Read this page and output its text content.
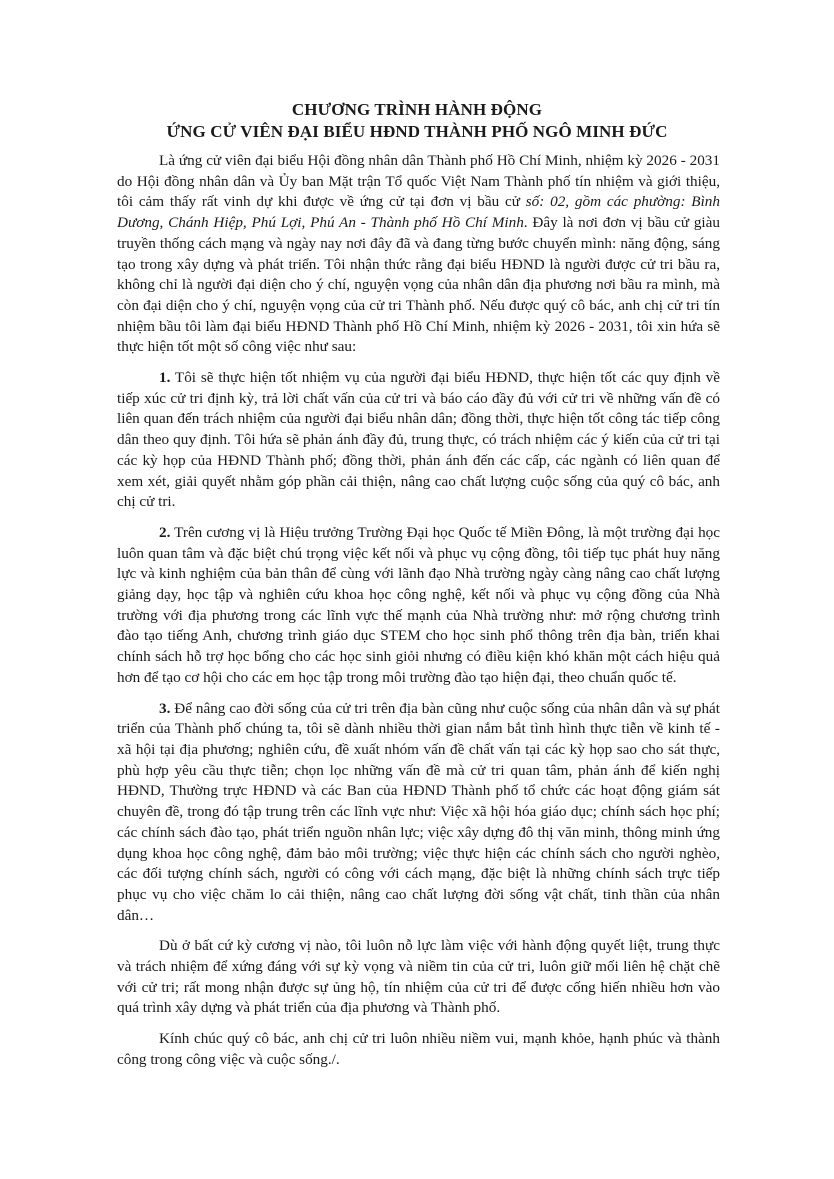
CHƯƠNG TRÌNH HÀNH ĐỘNG

ỨNG CỬ VIÊN ĐẠI BIỂU HĐND THÀNH PHỐ NGÔ MINH ĐỨC

Là ứng cử viên đại biểu Hội đồng nhân dân Thành phố Hồ Chí Minh, nhiệm kỳ 2026 - 2031 do Hội đồng nhân dân và Ủy ban Mặt trận Tổ quốc Việt Nam Thành phố tín nhiệm và giới thiệu, tôi cảm thấy rất vinh dự khi được về ứng cử tại đơn vị bầu cử số: 02, gồm các phường: Bình Dương, Chánh Hiệp, Phú Lợi, Phú An - Thành phố Hồ Chí Minh. Đây là nơi đơn vị bầu cử giàu truyền thống cách mạng và ngày nay nơi đây đã và đang từng bước chuyển mình: năng động, sáng tạo trong xây dựng và phát triển. Tôi nhận thức rằng đại biểu HĐND là người được cử tri bầu ra, không chỉ là người đại diện cho ý chí, nguyện vọng của nhân dân địa phương nơi bầu ra mình, mà còn đại diện cho ý chí, nguyện vọng của cử tri Thành phố. Nếu được quý cô bác, anh chị cử tri tín nhiệm bầu tôi làm đại biểu HĐND Thành phố Hồ Chí Minh, nhiệm kỳ 2026 - 2031, tôi xin hứa sẽ thực hiện tốt một số công việc như sau:

1. Tôi sẽ thực hiện tốt nhiệm vụ của người đại biểu HĐND, thực hiện tốt các quy định về tiếp xúc cử tri định kỳ, trả lời chất vấn của cử tri và báo cáo đầy đủ với cử tri về những vấn đề có liên quan đến trách nhiệm của người đại biểu nhân dân; đồng thời, thực hiện tốt công tác tiếp công dân theo quy định. Tôi hứa sẽ phản ánh đầy đủ, trung thực, có trách nhiệm các ý kiến của cử tri tại các kỳ họp của HĐND Thành phố; đồng thời, phản ánh đến các cấp, các ngành có liên quan để xem xét, giải quyết nhằm góp phần cải thiện, nâng cao chất lượng cuộc sống của quý cô bác, anh chị cử tri.

2. Trên cương vị là Hiệu trưởng Trường Đại học Quốc tế Miền Đông, là một trường đại học luôn quan tâm và đặc biệt chú trọng việc kết nối và phục vụ cộng đồng, tôi tiếp tục phát huy năng lực và kinh nghiệm của bản thân để cùng với lãnh đạo Nhà trường ngày càng nâng cao chất lượng giảng dạy, học tập và nghiên cứu khoa học công nghệ, kết nối và phục vụ cộng đồng của Nhà trường với địa phương trong các lĩnh vực thế mạnh của Nhà trường như: mở rộng chương trình đào tạo tiếng Anh, chương trình giáo dục STEM cho học sinh phổ thông trên địa bàn, triển khai chính sách hỗ trợ học bổng cho các học sinh giỏi nhưng có điều kiện khó khăn một cách hiệu quả hơn để tạo cơ hội cho các em học tập trong môi trường đào tạo hiện đại, theo chuẩn quốc tế.

3. Để nâng cao đời sống của cử tri trên địa bàn cũng như cuộc sống của nhân dân và sự phát triển của Thành phố chúng ta, tôi sẽ dành nhiều thời gian nắm bắt tình hình thực tiễn về kinh tế - xã hội tại địa phương; nghiên cứu, đề xuất nhóm vấn đề chất vấn tại các kỳ họp sao cho sát thực, phù hợp yêu cầu thực tiễn; chọn lọc những vấn đề mà cử tri quan tâm, phản ánh để kiến nghị HĐND, Thường trực HĐND và các Ban của HĐND Thành phố tổ chức các hoạt động giám sát chuyên đề, trong đó tập trung trên các lĩnh vực như: Việc xã hội hóa giáo dục; chính sách học phí; các chính sách đào tạo, phát triển nguồn nhân lực; việc xây dựng đô thị văn minh, thông minh ứng dụng khoa học công nghệ, đảm bảo môi trường; việc thực hiện các chính sách cho người nghèo, các đối tượng chính sách, người có công với cách mạng, đặc biệt là những chính sách trực tiếp phục vụ cho việc chăm lo cải thiện, nâng cao chất lượng đời sống vật chất, tinh thần của nhân dân…

Dù ở bất cứ kỳ cương vị nào, tôi luôn nỗ lực làm việc với hành động quyết liệt, trung thực và trách nhiệm để xứng đáng với sự kỳ vọng và niềm tin của cử tri, luôn giữ mối liên hệ chặt chẽ với cử tri; rất mong nhận được sự ủng hộ, tín nhiệm của cử tri để được cống hiến nhiều hơn vào quá trình xây dựng và phát triển của địa phương và Thành phố.

Kính chúc quý cô bác, anh chị cử tri luôn nhiều niềm vui, mạnh khỏe, hạnh phúc và thành công trong công việc và cuộc sống./.
